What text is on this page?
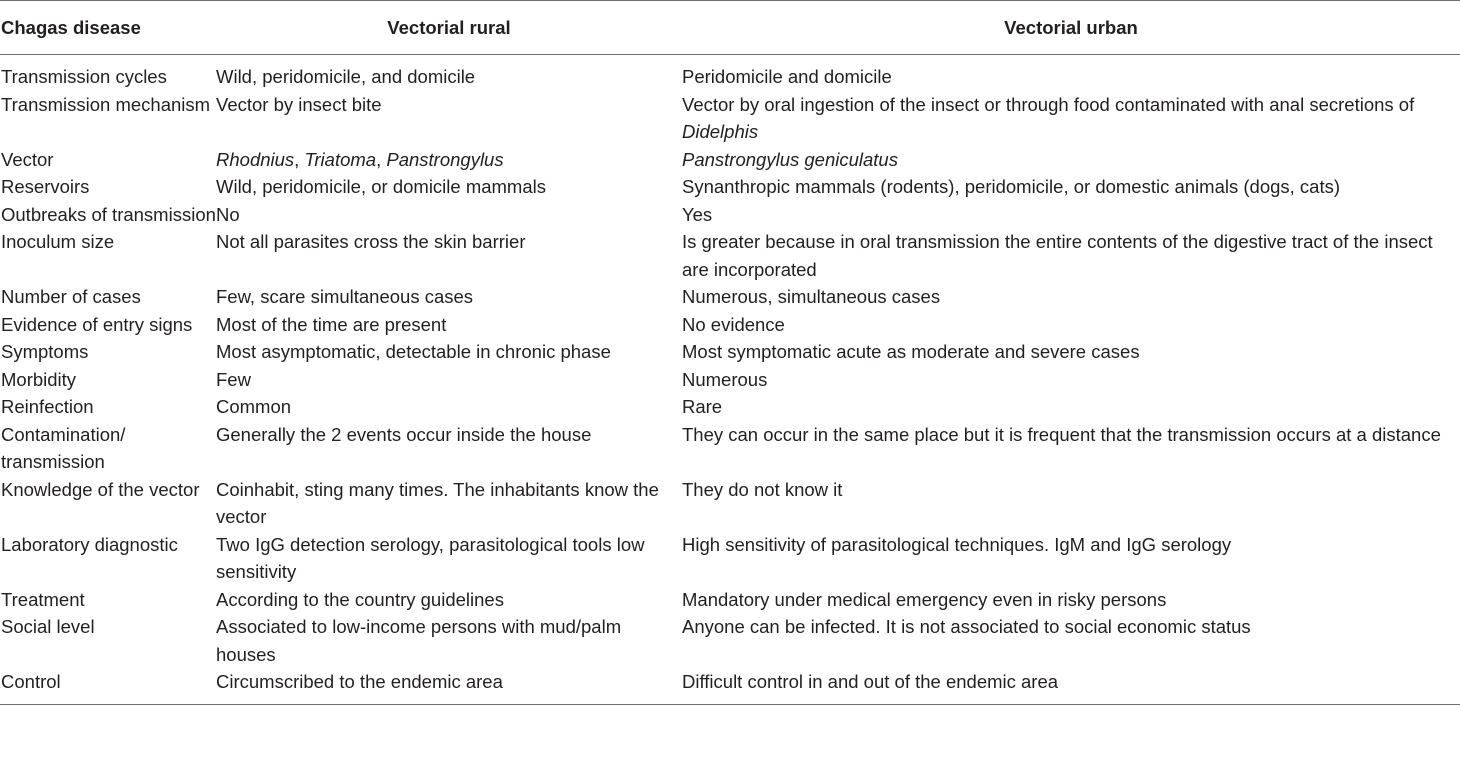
Chagas disease	Vectorial rural	Vectorial urban
Transmission cycles	Wild, peridomicile, and domicile	Peridomicile and domicile
Transmission mechanism	Vector by insect bite	Vector by oral ingestion of the insect or through food contaminated with anal secretions of Didelphis
Vector	Rhodnius, Triatoma, Panstrongylus	Panstrongylus geniculatus
Reservoirs	Wild, peridomicile, or domicile mammals	Synanthropic mammals (rodents), peridomicile, or domestic animals (dogs, cats)
Outbreaks of transmission	No	Yes
Inoculum size	Not all parasites cross the skin barrier	Is greater because in oral transmission the entire contents of the digestive tract of the insect are incorporated
Number of cases	Few, scare simultaneous cases	Numerous, simultaneous cases
Evidence of entry signs	Most of the time are present	No evidence
Symptoms	Most asymptomatic, detectable in chronic phase	Most symptomatic acute as moderate and severe cases
Morbidity	Few	Numerous
Reinfection	Common	Rare
Contamination/ transmission	Generally the 2 events occur inside the house	They can occur in the same place but it is frequent that the transmission occurs at a distance
Knowledge of the vector	Coinhabit, sting many times. The inhabitants know the vector	They do not know it
Laboratory diagnostic	Two IgG detection serology, parasitological tools low sensitivity	High sensitivity of parasitological techniques. IgM and IgG serology
Treatment	According to the country guidelines	Mandatory under medical emergency even in risky persons
Social level	Associated to low-income persons with mud/palm houses	Anyone can be infected. It is not associated to social economic status
Control	Circumscribed to the endemic area	Difficult control in and out of the endemic area
